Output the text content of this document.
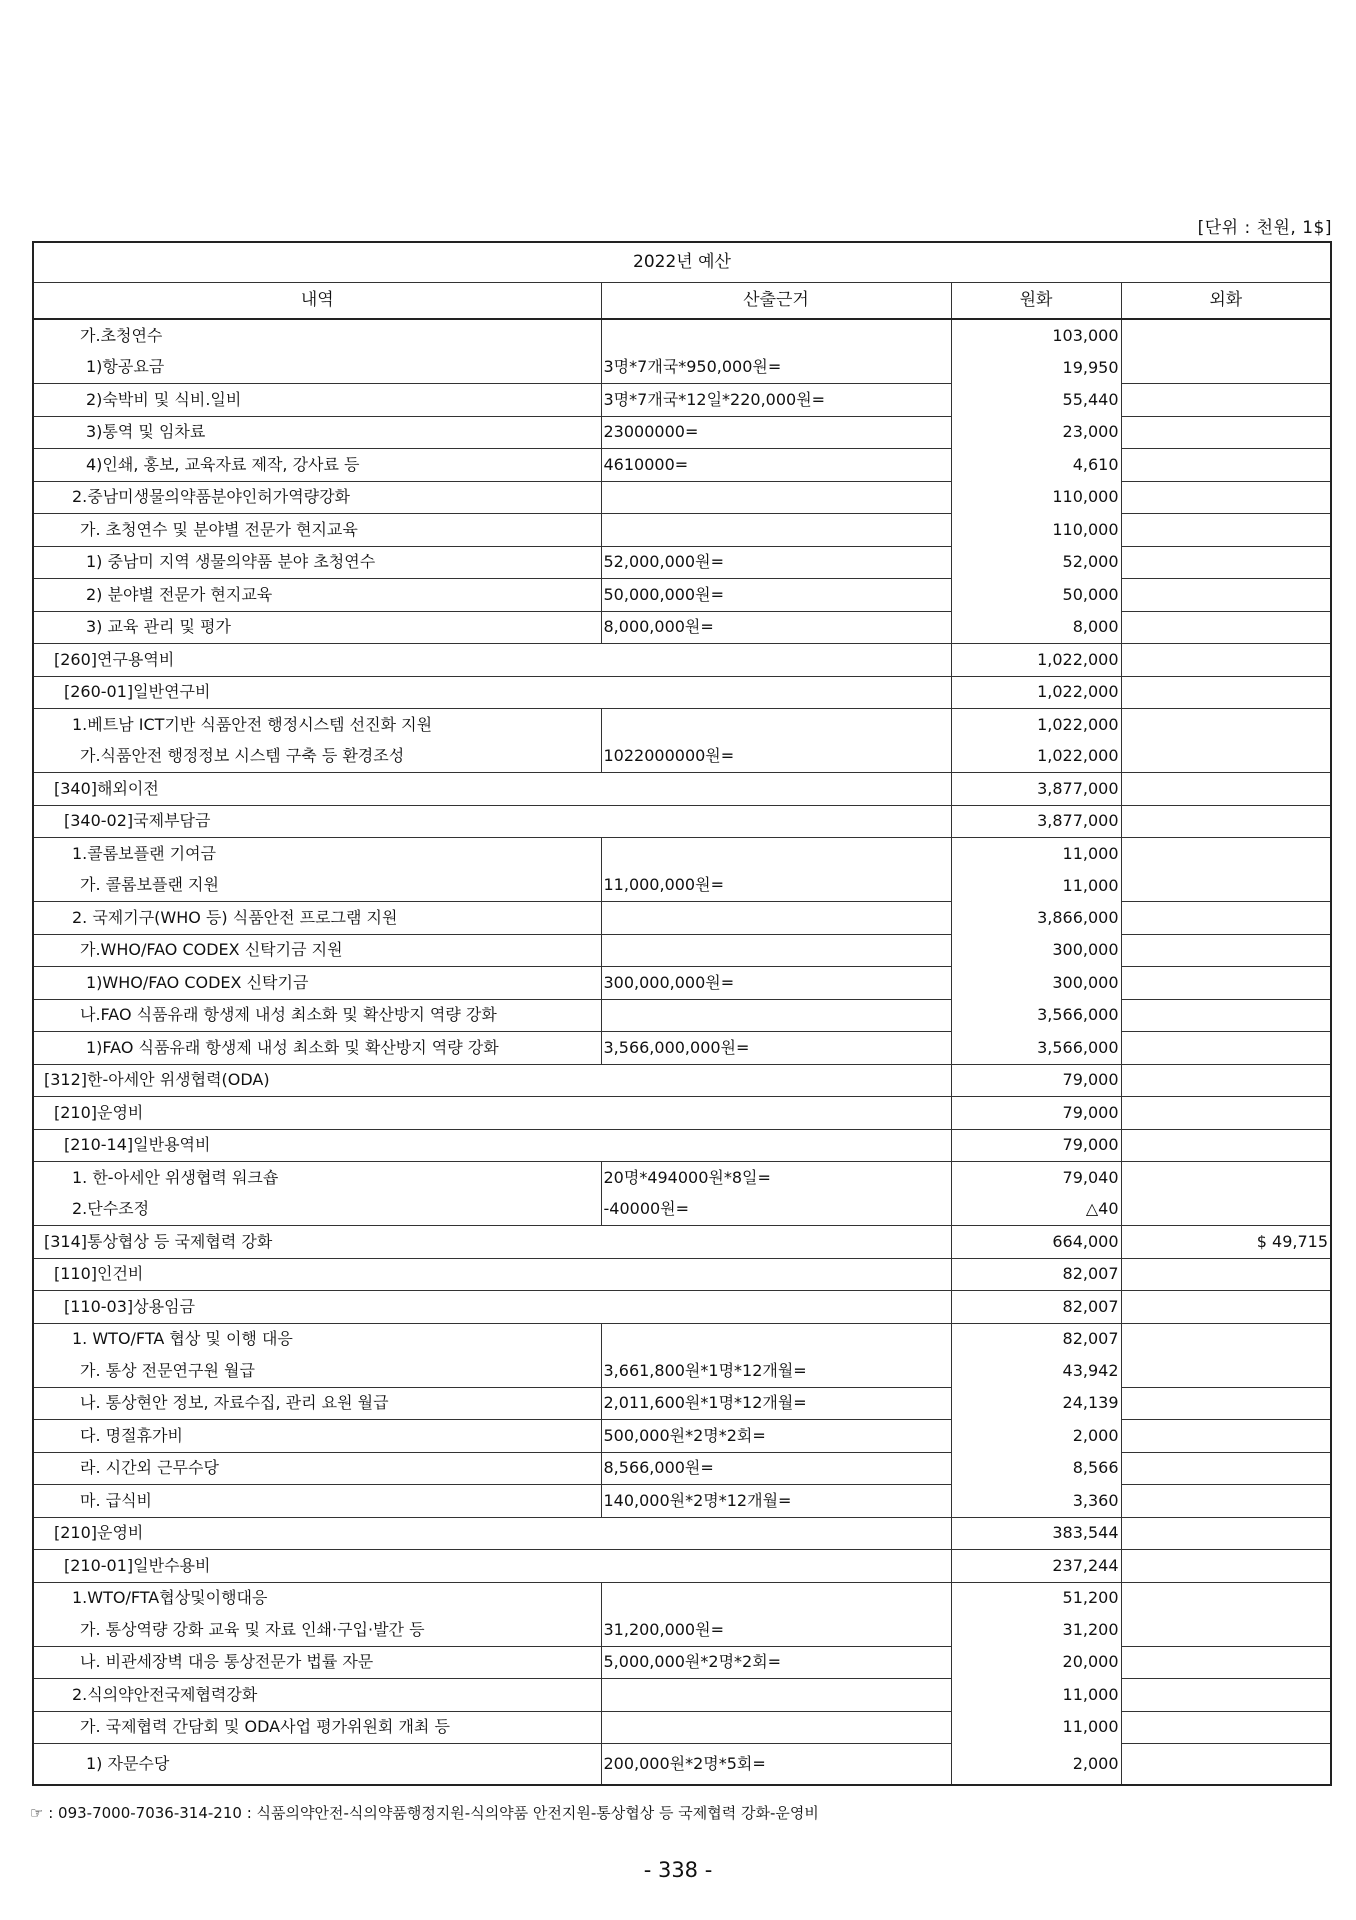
[단위 : 천원, 1$]
2022년 예산			
내역	산출근거	원화	외화
가.초청연수		103,000	
1)항공요금	3명*7개국*950,000원=	19,950	
2)숙박비 및 식비.일비	3명*7개국*12일*220,000원=	55,440	
3)통역 및 임차료	23000000=	23,000	
4)인쇄, 홍보, 교육자료 제작, 강사료 등	4610000=	4,610	
2.중남미생물의약품분야인허가역량강화		110,000	
가. 초청연수 및 분야별 전문가 현지교육		110,000	
1) 중남미 지역 생물의약품 분야 초청연수	52,000,000원=	52,000	
2) 분야별 전문가 현지교육	50,000,000원=	50,000	
3) 교육 관리 및 평가	8,000,000원=	8,000	
[260]연구용역비		1,022,000	
[260-01]일반연구비		1,022,000	
1.베트남 ICT기반 식품안전 행정시스템 선진화 지원		1,022,000	
가.식품안전 행정정보 시스템 구축 등 환경조성	1022000000원=	1,022,000	
[340]해외이전		3,877,000	
[340-02]국제부담금		3,877,000	
1.콜롬보플랜 기여금		11,000	
가. 콜롬보플랜 지원	11,000,000원=	11,000	
2. 국제기구(WHO 등) 식품안전 프로그램 지원		3,866,000	
가.WHO/FAO CODEX 신탁기금 지원		300,000	
1)WHO/FAO CODEX 신탁기금	300,000,000원=	300,000	
나.FAO 식품유래 항생제 내성 최소화 및 확산방지 역량 강화		3,566,000	
1)FAO 식품유래 항생제 내성 최소화 및 확산방지 역량 강화	3,566,000,000원=	3,566,000	
[312]한-아세안 위생협력(ODA)		79,000	
[210]운영비		79,000	
[210-14]일반용역비		79,000	
1. 한-아세안 위생협력 워크숍	20명*494000원*8일=	79,040	
2.단수조정	-40000원=	△40	
[314]통상협상 등 국제협력 강화		664,000	$ 49,715
[110]인건비		82,007	
[110-03]상용임금		82,007	
1. WTO/FTA 협상 및 이행 대응		82,007	
가. 통상 전문연구원 월급	3,661,800원*1명*12개월=	43,942	
나. 통상현안 정보, 자료수집, 관리 요원 월급	2,011,600원*1명*12개월=	24,139	
다. 명절휴가비	500,000원*2명*2회=	2,000	
라. 시간외 근무수당	8,566,000원=	8,566	
마. 급식비	140,000원*2명*12개월=	3,360	
[210]운영비		383,544	
[210-01]일반수용비		237,244	
1.WTO/FTA협상및이행대응		51,200	
가. 통상역량 강화 교육 및 자료 인쇄·구입·발간 등	31,200,000원=	31,200	
나. 비관세장벽 대응 통상전문가 법률 자문	5,000,000원*2명*2회=	20,000	
2.식의약안전국제협력강화		11,000	
가. 국제협력 간담회 및 ODA사업 평가위원회 개최 등		11,000	
1) 자문수당	200,000원*2명*5회=	2,000	
☞ : 093-7000-7036-314-210 : 식품의약안전-식의약품행정지원-식의약품 안전지원-통상협상 등 국제협력 강화-운영비
- 338 -
